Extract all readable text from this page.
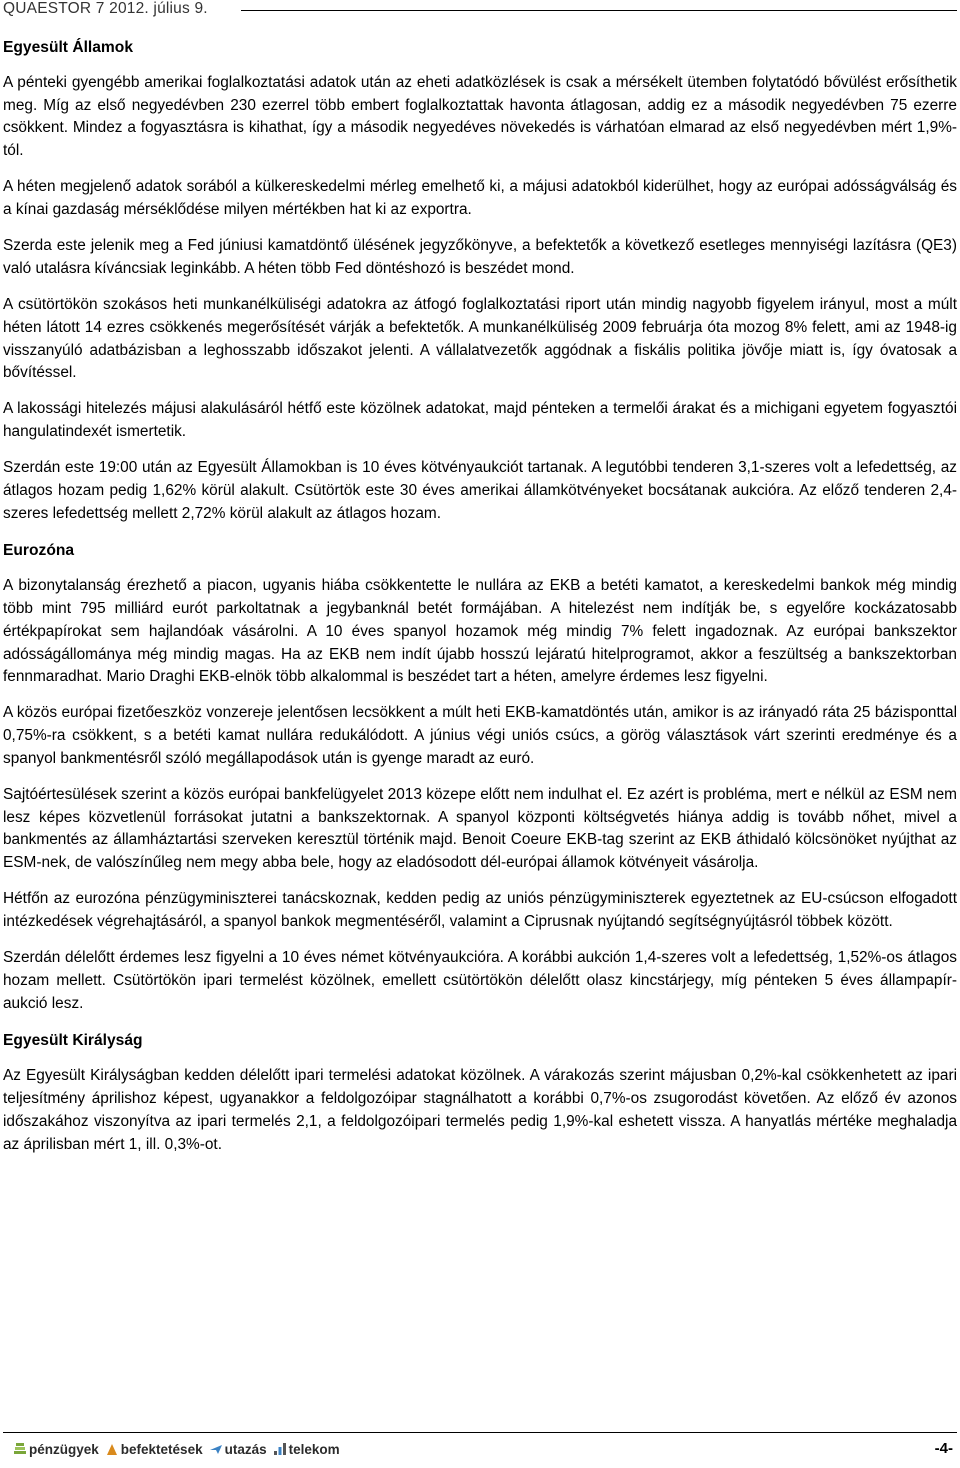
QUAESTOR 7 2012. július 9.
Egyesült Államok

A pénteki gyengébb amerikai foglalkoztatási adatok után az eheti adatközlések is csak a mérsékelt ütemben folytatódó bővülést erősíthetik meg. Míg az első negyedévben 230 ezerrel több embert foglalkoztattak havonta átlagosan, addig ez a második negyedévben 75 ezerre csökkent. Mindez a fogyasztásra is kihathat, így a második negyedéves növekedés is várhatóan elmarad az első negyedévben mért 1,9%-tól.

A héten megjelenő adatok sorából a külkereskedelmi mérleg emelhető ki, a májusi adatokból kiderülhet, hogy az európai adósságválság és a kínai gazdaság mérséklődése milyen mértékben hat ki az exportra.

Szerda este jelenik meg a Fed júniusi kamatdöntő ülésének jegyzőkönyve, a befektetők a következő esetleges mennyiségi lazításra (QE3) való utalásra kíváncsiak leginkább. A héten több Fed döntéshozó is beszédet mond.

A csütörtökön szokásos heti munkanélküliségi adatokra az átfogó foglalkoztatási riport után mindig nagyobb figyelem irányul, most a múlt héten látott 14 ezres csökkenés megerősítését várják a befektetők. A munkanélküliség 2009 februárja óta mozog 8% felett, ami az 1948-ig visszanyúló adatbázisban a leghosszabb időszakot jelenti. A vállalatvezetők aggódnak a fiskális politika jövője miatt is, így óvatosak a bővítéssel.

A lakossági hitelezés májusi alakulásáról hétfő este közölnek adatokat, majd pénteken a termelői árakat és a michigani egyetem fogyasztói hangulatindexét ismertetik.

Szerdán este 19:00 után az Egyesült Államokban is 10 éves kötvényaukciót tartanak. A legutóbbi tenderen 3,1-szeres volt a lefedettség, az átlagos hozam pedig 1,62% körül alakult. Csütörtök este 30 éves amerikai államkötvényeket bocsátanak aukcióra. Az előző tenderen 2,4-szeres lefedettség mellett 2,72% körül alakult az átlagos hozam.

Eurozóna

A bizonytalanság érezhető a piacon, ugyanis hiába csökkentette le nullára az EKB a betéti kamatot, a kereskedelmi bankok még mindig több mint 795 milliárd eurót parkoltatnak a jegybanknál betét formájában. A hitelezést nem indítják be, s egyelőre kockázatosabb értékpapírokat sem hajlandóak vásárolni. A 10 éves spanyol hozamok még mindig 7% felett ingadoznak. Az európai bankszektor adósságállománya még mindig magas. Ha az EKB nem indít újabb hosszú lejáratú hitelprogramot, akkor a feszültség a bankszektorban fennmaradhat. Mario Draghi EKB-elnök több alkalommal is beszédet tart a héten, amelyre érdemes lesz figyelni.

A közös európai fizetőeszköz vonzereje jelentősen lecsökkent a múlt heti EKB-kamatdöntés után, amikor is az irányadó ráta 25 bázisponttal 0,75%-ra csökkent, s a betéti kamat nullára redukálódott. A június végi uniós csúcs, a görög választások várt szerinti eredménye és a spanyol bankmentésről szóló megállapodások után is gyenge maradt az euró.

Sajtóértesülések szerint a közös európai bankfelügyelet 2013 közepe előtt nem indulhat el. Ez azért is probléma, mert e nélkül az ESM nem lesz képes közvetlenül forrásokat jutatni a bankszektornak. A spanyol központi költségvetés hiánya addig is tovább nőhet, mivel a bankmentés az államháztartási szerveken keresztül történik majd. Benoit Coeure EKB-tag szerint az EKB áthidaló kölcsönöket nyújthat az ESM-nek, de valószínűleg nem megy abba bele, hogy az eladósodott dél-európai államok kötvényeit vásárolja.

Hétfőn az eurozóna pénzügyminiszterei tanácskoznak, kedden pedig az uniós pénzügyminiszterek egyeztetnek az EU-csúcson elfogadott intézkedések végrehajtásáról, a spanyol bankok megmentéséről, valamint a Ciprusnak nyújtandó segítségnyújtásról többek között.

Szerdán délelőtt érdemes lesz figyelni a 10 éves német kötvényaukcióra. A korábbi aukción 1,4-szeres volt a lefedettség, 1,52%-os átlagos hozam mellett. Csütörtökön ipari termelést közölnek, emellett csütörtökön délelőtt olasz kincstárjegy, míg pénteken 5 éves állampapír-aukció lesz.

Egyesült Királyság

Az Egyesült Királyságban kedden délelőtt ipari termelési adatokat közölnek. A várakozás szerint májusban 0,2%-kal csökkenhetett az ipari teljesítmény áprilishoz képest, ugyanakkor a feldolgozóipar stagnálhatott a korábbi 0,7%-os zsugorodást követően. Az előző év azonos időszakához viszonyítva az ipari termelés 2,1, a feldolgozóipari termelés pedig 1,9%-kal eshetett vissza. A hanyatlás mértéke meghaladja az áprilisban mért 1, ill. 0,3%-ot.

pénzügyek befektetések utazás telekom	-4-
